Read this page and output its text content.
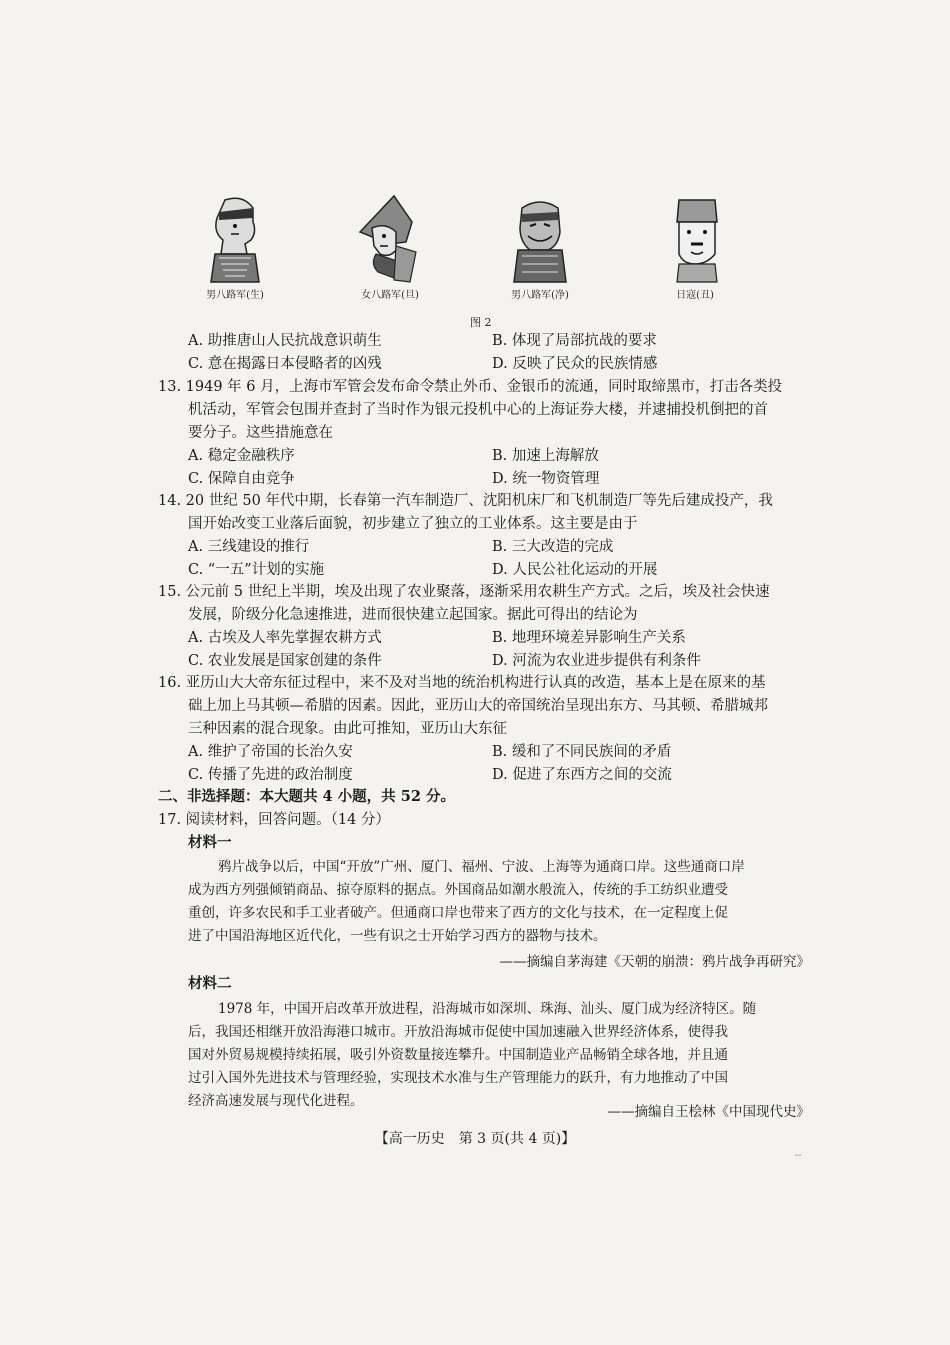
男八路军(生)	女八路军(旦)	男八路军(净)	日寇(丑)
图 2
A. 助推唐山人民抗战意识萌生	B. 体现了局部抗战的要求
C. 意在揭露日本侵略者的凶残	D. 反映了民众的民族情感
13. 1949 年 6 月，上海市军管会发布命令禁止外币、金银币的流通，同时取缔黑市，打击各类投
机活动，军管会包围并查封了当时作为银元投机中心的上海证券大楼，并逮捕投机倒把的首
要分子。这些措施意在
A. 稳定金融秩序	B. 加速上海解放
C. 保障自由竞争	D. 统一物资管理
14. 20 世纪 50 年代中期，长春第一汽车制造厂、沈阳机床厂和飞机制造厂等先后建成投产，我
国开始改变工业落后面貌，初步建立了独立的工业体系。这主要是由于
A. 三线建设的推行	B. 三大改造的完成
C. “一五”计划的实施	D. 人民公社化运动的开展
15. 公元前 5 世纪上半期，埃及出现了农业聚落，逐渐采用农耕生产方式。之后，埃及社会快速
发展，阶级分化急速推进，进而很快建立起国家。据此可得出的结论为
A. 古埃及人率先掌握农耕方式	B. 地理环境差异影响生产关系
C. 农业发展是国家创建的条件	D. 河流为农业进步提供有利条件
16. 亚历山大大帝东征过程中，来不及对当地的统治机构进行认真的改造，基本上是在原来的基
础上加上马其顿—希腊的因素。因此，亚历山大的帝国统治呈现出东方、马其顿、希腊城邦
三种因素的混合现象。由此可推知，亚历山大东征
A. 维护了帝国的长治久安	B. 缓和了不同民族间的矛盾
C. 传播了先进的政治制度	D. 促进了东西方之间的交流
二、非选择题：本大题共 4 小题，共 52 分。
17. 阅读材料，回答问题。（14 分）
材料一
鸦片战争以后，中国“开放”广州、厦门、福州、宁波、上海等为通商口岸。这些通商口岸
成为西方列强倾销商品、掠夺原料的据点。外国商品如潮水般流入，传统的手工纺织业遭受
重创，许多农民和手工业者破产。但通商口岸也带来了西方的文化与技术，在一定程度上促
进了中国沿海地区近代化，一些有识之士开始学习西方的器物与技术。
——摘编自茅海建《天朝的崩溃：鸦片战争再研究》
材料二
1978 年，中国开启改革开放进程，沿海城市如深圳、珠海、汕头、厦门成为经济特区。随
后，我国还相继开放沿海港口城市。开放沿海城市促使中国加速融入世界经济体系，使得我
国对外贸易规模持续拓展，吸引外资数量接连攀升。中国制造业产品畅销全球各地，并且通
过引入国外先进技术与管理经验，实现技术水准与生产管理能力的跃升，有力地推动了中国
经济高速发展与现代化进程。
——摘编自王桧林《中国现代史》
【高一历史　第 3 页(共 4 页)】
--
